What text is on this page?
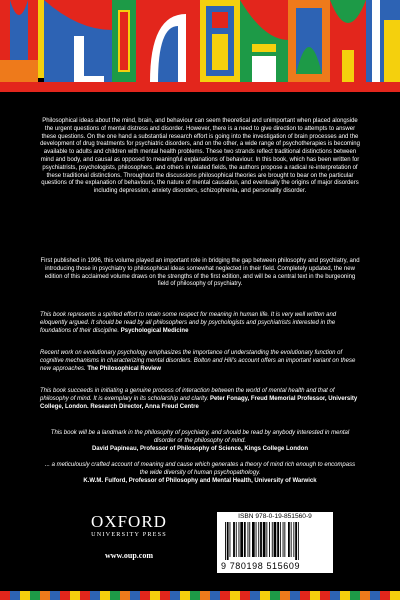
Philosophical ideas about the mind, brain, and behaviour can seem theoretical and unimportant when placed alongside the urgent questions of mental distress and disorder. However, there is a need to give direction to attempts to answer these questions. On the one hand a substantial research effort is going into the investigation of brain processes and the development of drug treatments for psychiatric disorders, and on the other, a wide range of psychotherapies is becoming available to adults and children with mental health problems. These two strands reflect traditional distinctions between mind and body, and causal as opposed to meaningful explanations of behaviour. In this book, which has been written for psychiatrists, psychologists, philosophers, and others in related fields, the authors propose a radical re-interpretation of these traditional distinctions. Throughout the discussions philosophical theories are brought to bear on the particular questions of the explanation of behaviours, the nature of mental causation, and eventually the origins of major disorders including depression, anxiety disorders, schizophrenia, and personality disorder.
First published in 1996, this volume played an important role in bridging the gap between philosophy and psychiatry, and introducing those in psychiatry to philosophical ideas somewhat neglected in their field. Completely updated, the new edition of this acclaimed volume draws on the strengths of the first edition, and will be a central text in the burgeoning field of philosophy of psychiatry.
This book represents a spirited effort to retain some respect for meaning in human life. It is very well written and eloquently argued. It should be read by all philosophers and by psychologists and psychiatrists interested in the foundations of their discipline. Psychological Medicine
Recent work on evolutionary psychology emphasizes the importance of understanding the evolutionary function of cognitive mechanisms in characterizing mental disorders. Bolton and Hill's account offers an important variant on these new approaches. The Philosophical Review
This book succeeds in initiating a genuine process of interaction between the world of mental health and that of philosophy of mind. It is exemplary in its scholarship and clarity. Peter Fonagy, Freud Memorial Professor, University College, London. Research Director, Anna Freud Centre
This book will be a landmark in the philosophy of psychiatry, and should be read by anybody interested in mental disorder or the philosophy of mind.
David Papineau, Professor of Philosophy of Science, Kings College London
... a meticulously crafted account of meaning and cause which generates a theory of mind rich enough to encompass the wide diversity of human psychopathology.
K.W.M. Fulford, Professor of Philosophy and Mental Health, University of Warwick
OXFORD
UNIVERSITY PRESS
www.oup.com
ISBN 978-0-19-851560-9
9 780198 515609
